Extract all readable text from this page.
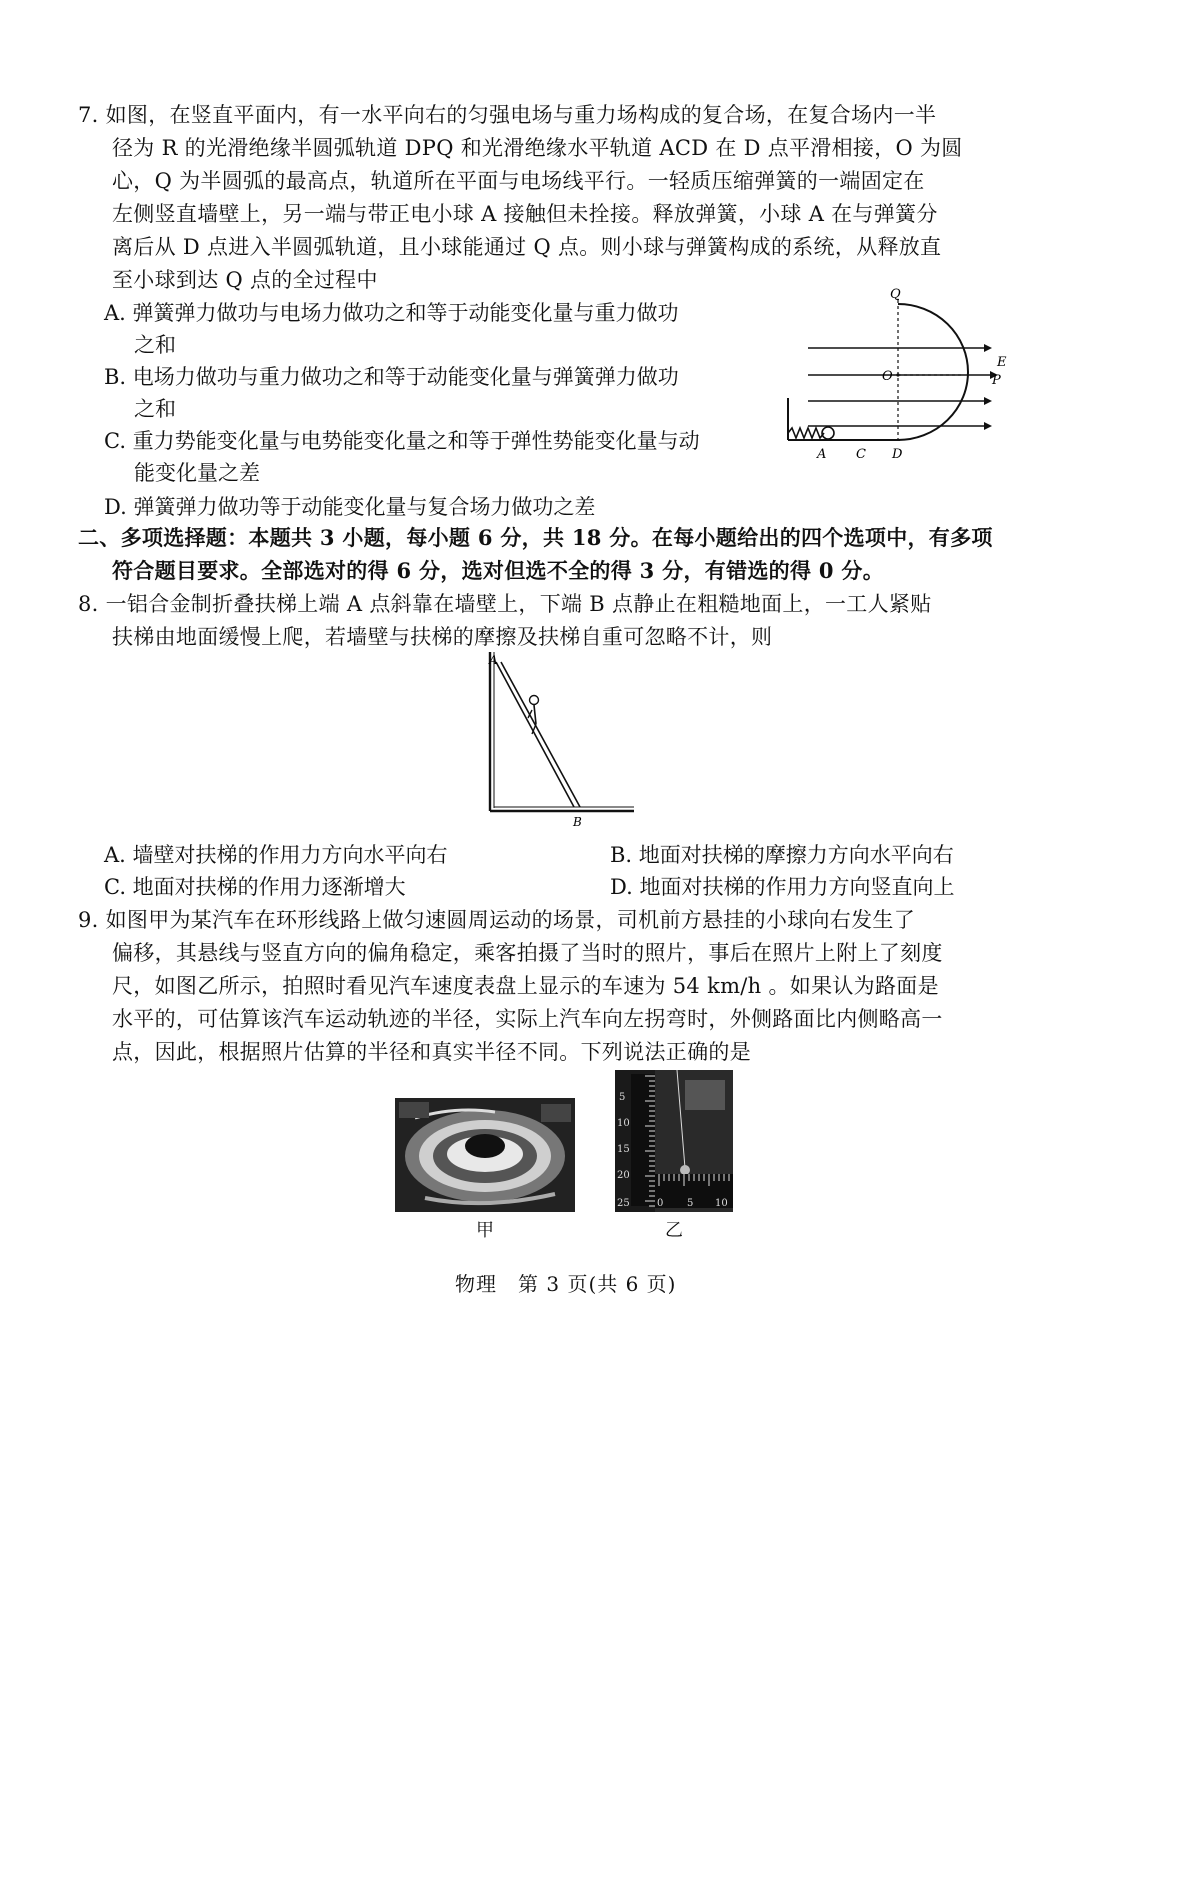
7. 如图，在竖直平面内，有一水平向右的匀强电场与重力场构成的复合场，在复合场内一半
径为 R 的光滑绝缘半圆弧轨道 DPQ 和光滑绝缘水平轨道 ACD 在 D 点平滑相接，O 为圆
心，Q 为半圆弧的最高点，轨道所在平面与电场线平行。一轻质压缩弹簧的一端固定在
左侧竖直墙壁上，另一端与带正电小球 A 接触但未拴接。释放弹簧，小球 A 在与弹簧分
离后从 D 点进入半圆弧轨道，且小球能通过 Q 点。则小球与弹簧构成的系统，从释放直
至小球到达 Q 点的全过程中
A. 弹簧弹力做功与电场力做功之和等于动能变化量与重力做功
之和
B. 电场力做功与重力做功之和等于动能变化量与弹簧弹力做功
之和
C. 重力势能变化量与电势能变化量之和等于弹性势能变化量与动
能变化量之差
D. 弹簧弹力做功等于动能变化量与复合场力做功之差
Q
O
E
P
A C D
二、多项选择题：本题共 3 小题，每小题 6 分，共 18 分。在每小题给出的四个选项中，有多项
符合题目要求。全部选对的得 6 分，选对但选不全的得 3 分，有错选的得 0 分。
8. 一铝合金制折叠扶梯上端 A 点斜靠在墙壁上，下端 B 点静止在粗糙地面上，一工人紧贴
扶梯由地面缓慢上爬，若墙壁与扶梯的摩擦及扶梯自重可忽略不计，则
A
B
A. 墙壁对扶梯的作用力方向水平向右	B. 地面对扶梯的摩擦力方向水平向右
C. 地面对扶梯的作用力逐渐增大	D. 地面对扶梯的作用力方向竖直向上
9. 如图甲为某汽车在环形线路上做匀速圆周运动的场景，司机前方悬挂的小球向右发生了
偏移，其悬线与竖直方向的偏角稳定，乘客拍摄了当时的照片，事后在照片上附上了刻度
尺，如图乙所示，拍照时看见汽车速度表盘上显示的车速为 54 km/h 。如果认为路面是
水平的，可估算该汽车运动轨迹的半径，实际上汽车向左拐弯时，外侧路面比内侧略高一
点，因此，根据照片估算的半径和真实半径不同。下列说法正确的是
甲
25
20
15
10
5
0 5 10
乙
物理　第 3 页(共 6 页)
